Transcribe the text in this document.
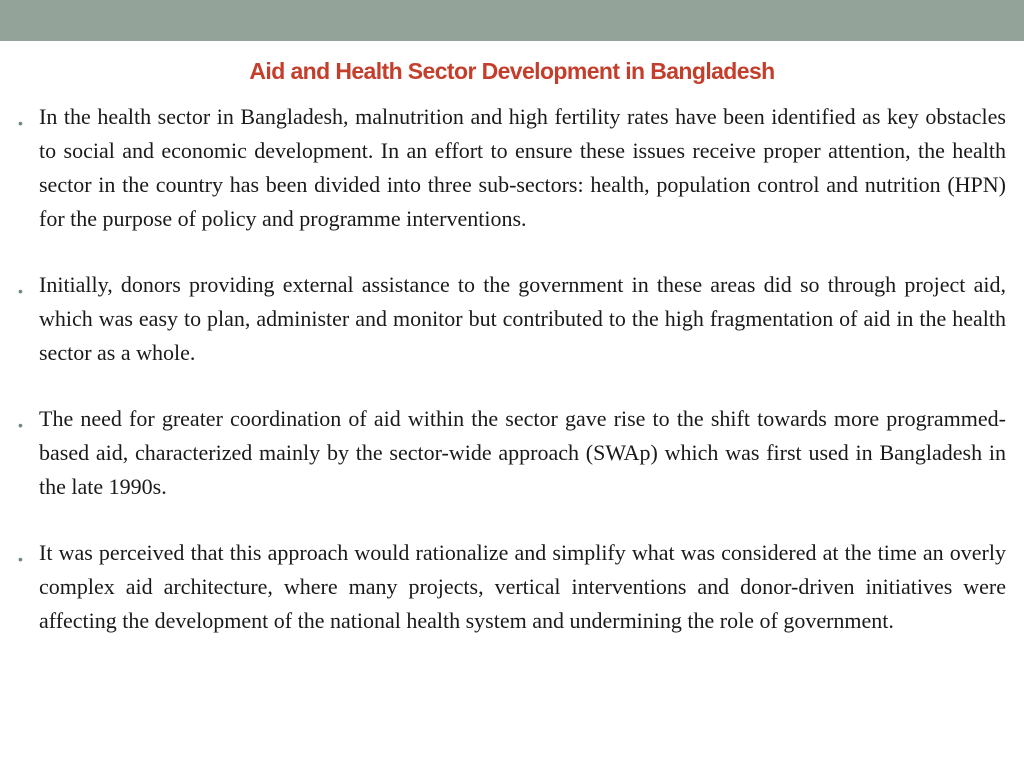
Aid and Health Sector Development in Bangladesh
• In the health sector in Bangladesh, malnutrition and high fertility rates have been identified as key obstacles to social and economic development. In an effort to ensure these issues receive proper attention, the health sector in the country has been divided into three sub-sectors: health, population control and nutrition (HPN) for the purpose of policy and programme interventions.
• Initially, donors providing external assistance to the government in these areas did so through project aid, which was easy to plan, administer and monitor but contributed to the high fragmentation of aid in the health sector as a whole.
• The need for greater coordination of aid within the sector gave rise to the shift towards more programmed-based aid, characterized mainly by the sector-wide approach (SWAp) which was first used in Bangladesh in the late 1990s.
• It was perceived that this approach would rationalize and simplify what was considered at the time an overly complex aid architecture, where many projects, vertical interventions and donor-driven initiatives were affecting the development of the national health system and undermining the role of government.
